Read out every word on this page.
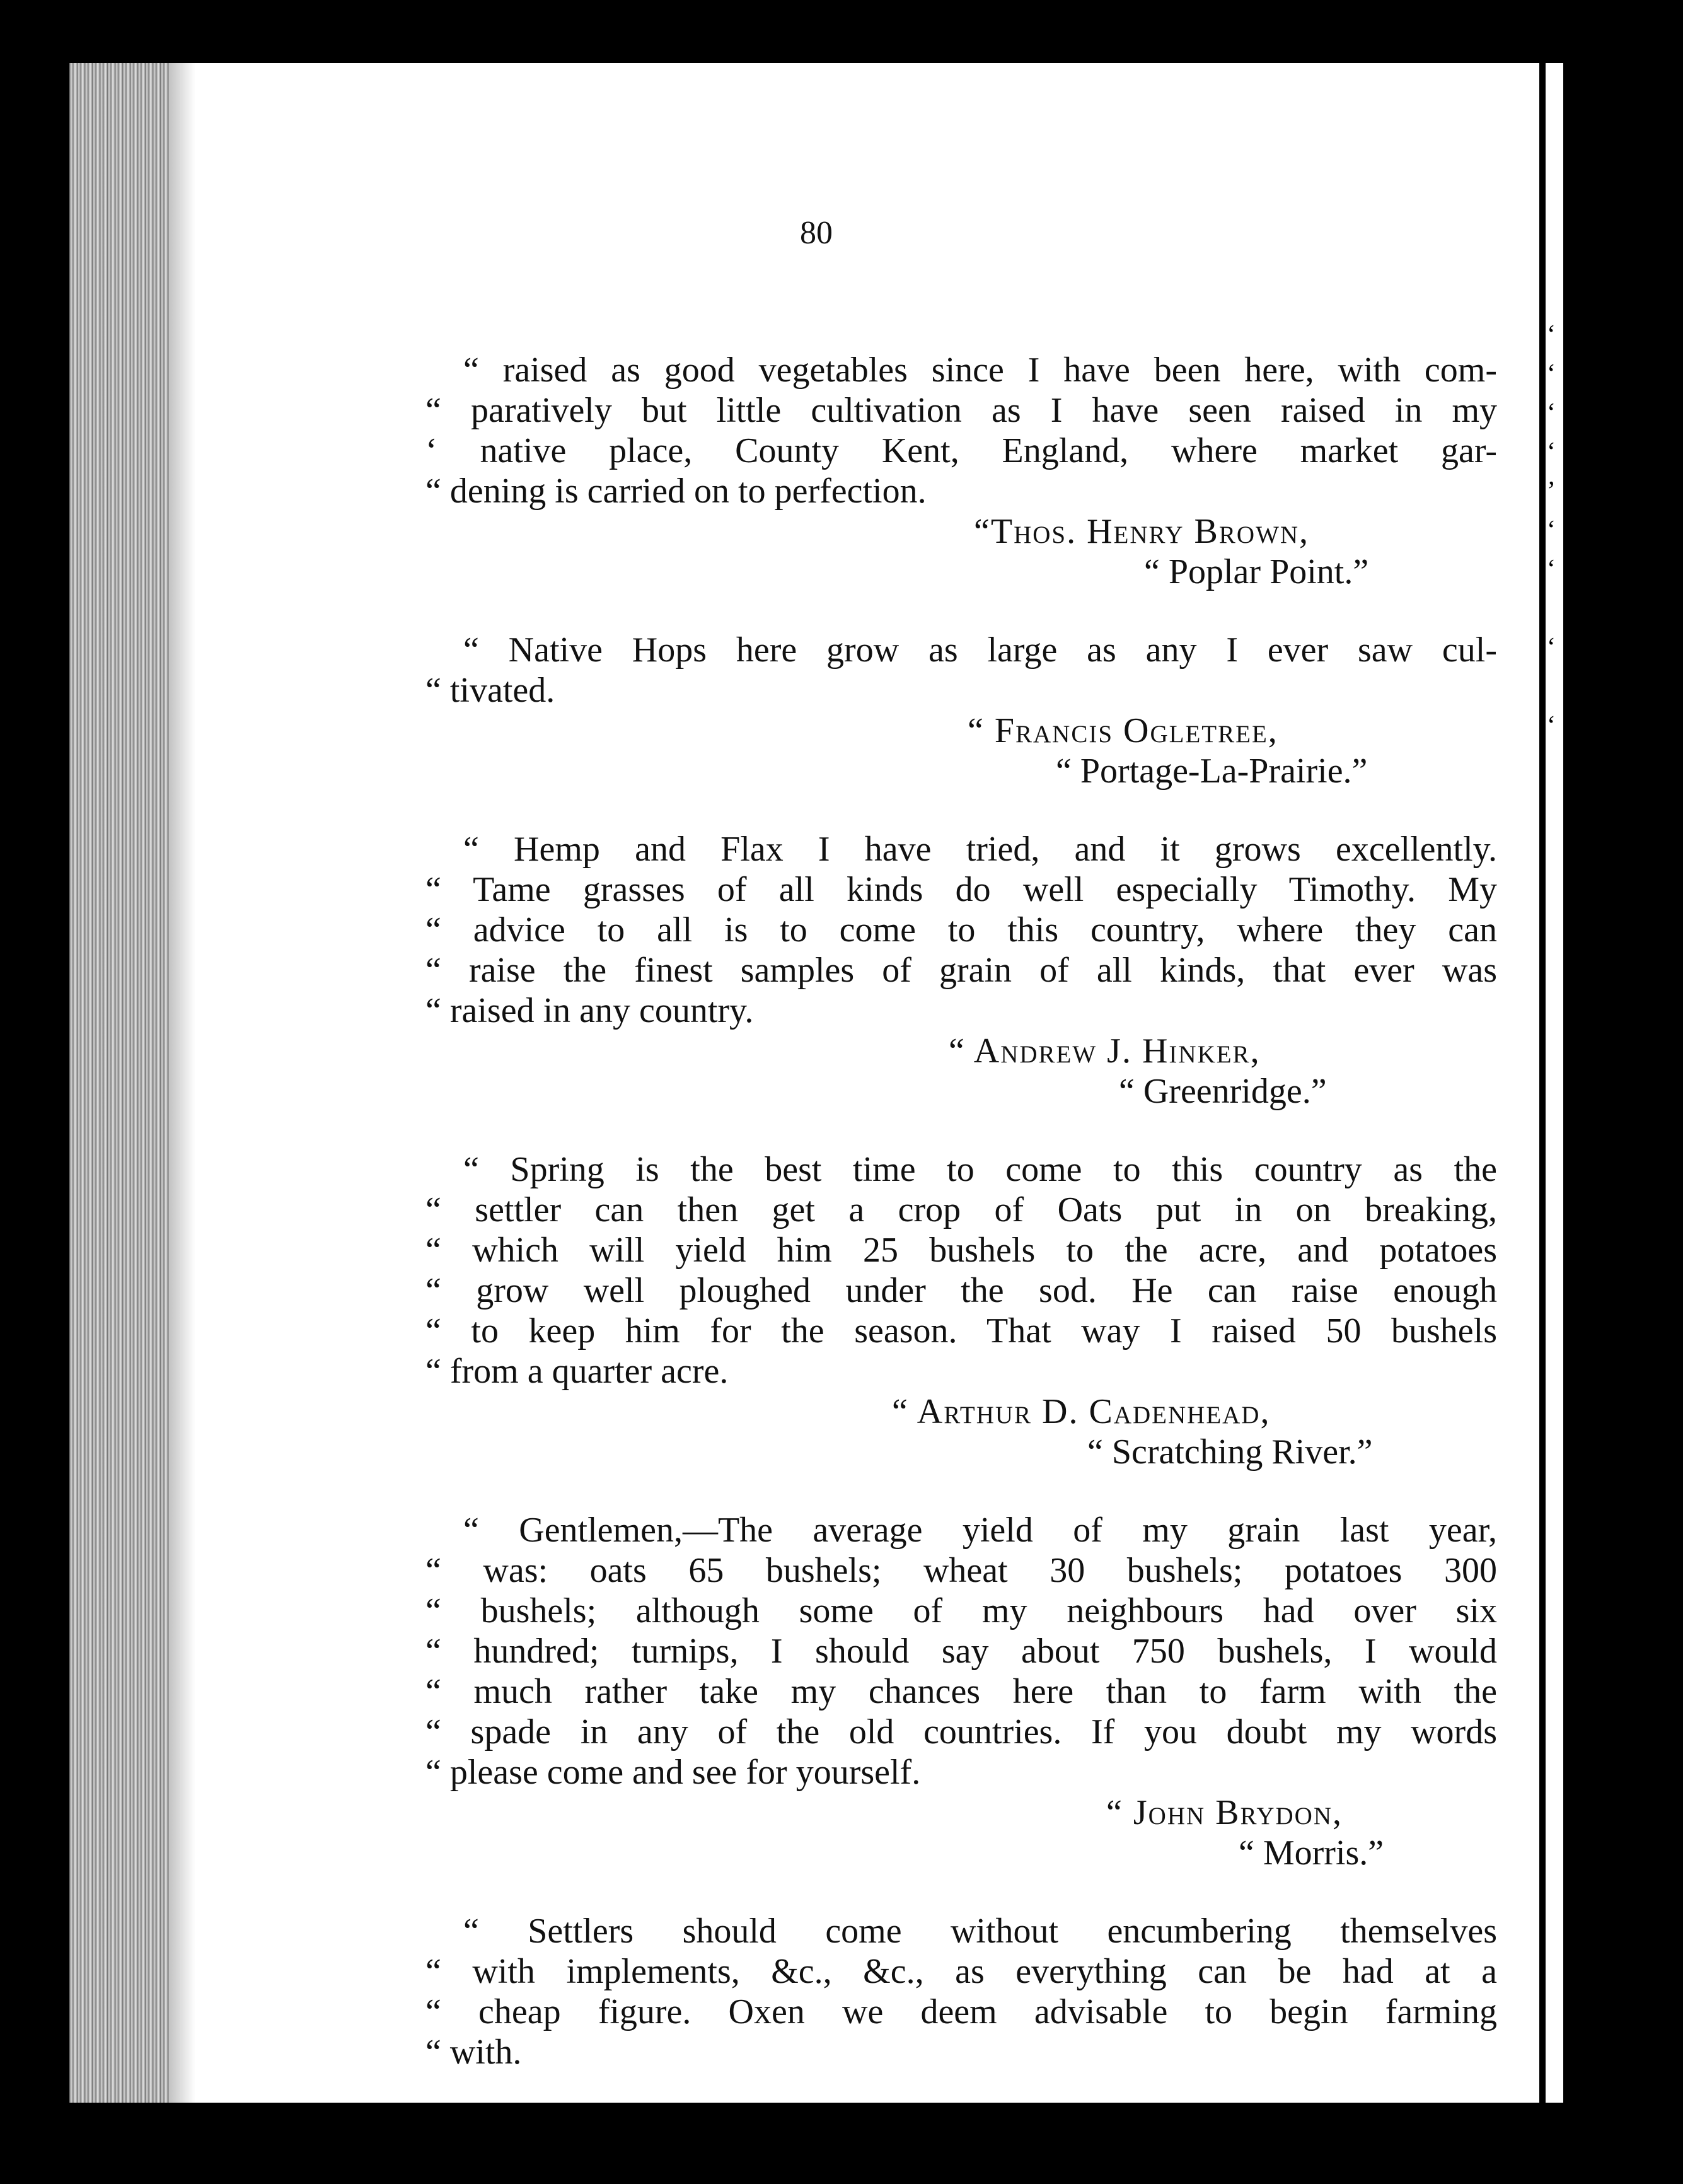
‘
‘
‘
‘
’
‘
‘
‘
‘
80
“ raised as good vegetables since I have been here, with com-
“ paratively but little cultivation as I have seen raised in my
‘ native place, County Kent, England, where market gar-
“ dening is carried on to perfection.
“Thos. Henry Brown,
“ Poplar Point.”
“ Native Hops here grow as large as any I ever saw cul-
“ tivated.
“ Francis Ogletree,
“ Portage-La-Prairie.”
“ Hemp and Flax I have tried, and it grows excellently.
“ Tame grasses of all kinds do well especially Timothy. My
“ advice to all is to come to this country, where they can
“ raise the finest samples of grain of all kinds, that ever was
“ raised in any country.
“ Andrew J. Hinker,
“ Greenridge.”
“ Spring is the best time to come to this country as the
“ settler can then get a crop of Oats put in on breaking,
“ which will yield him 25 bushels to the acre, and potatoes
“ grow well ploughed under the sod. He can raise enough
“ to keep him for the season. That way I raised 50 bushels
“ from a quarter acre.
“ Arthur D. Cadenhead,
“ Scratching River.”
“ Gentlemen,—The average yield of my grain last year,
“ was: oats 65 bushels; wheat 30 bushels; potatoes 300
“ bushels; although some of my neighbours had over six
“ hundred; turnips, I should say about 750 bushels, I would
“ much rather take my chances here than to farm with the
“ spade in any of the old countries. If you doubt my words
“ please come and see for yourself.
“ John Brydon,
“ Morris.”
“ Settlers should come without encumbering themselves
“ with implements, &c., &c., as everything can be had at a
“ cheap figure. Oxen we deem advisable to begin farming
“ with.
